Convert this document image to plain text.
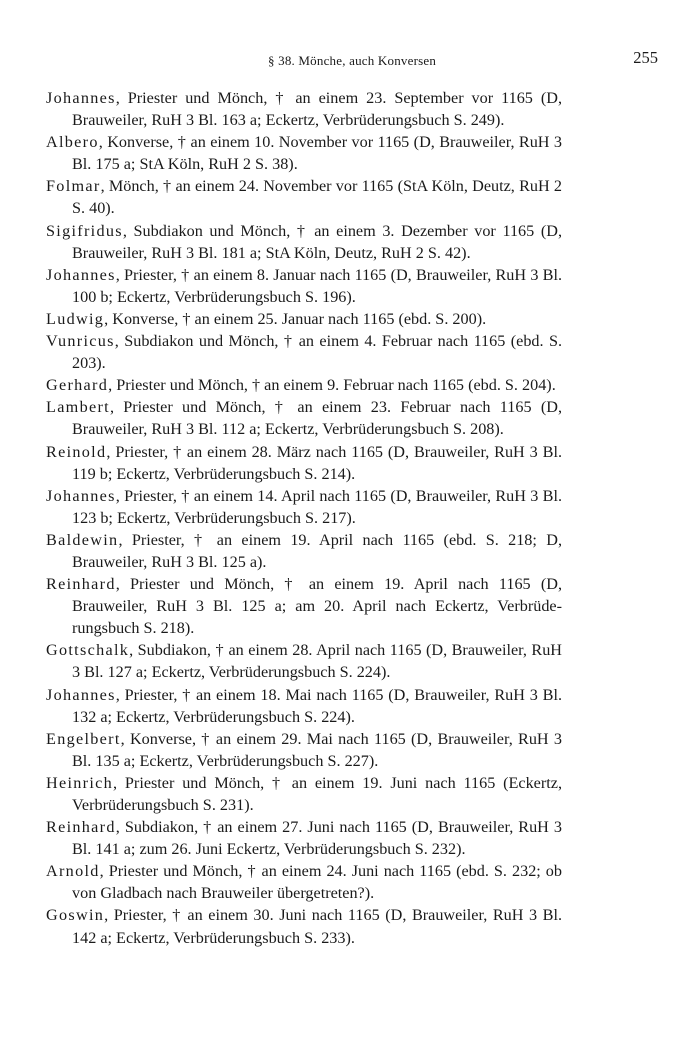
§ 38. Mönche, auch Konversen	255
Johannes, Priester und Mönch, † an einem 23. September vor 1165 (D, Brauweiler, RuH 3 Bl. 163 a; Eckertz, Verbrüderungsbuch S. 249).
Albero, Konverse, † an einem 10. November vor 1165 (D, Brauweiler, RuH 3 Bl. 175 a; StA Köln, RuH 2 S. 38).
Folmar, Mönch, † an einem 24. November vor 1165 (StA Köln, Deutz, RuH 2 S. 40).
Sigifridus, Subdiakon und Mönch, † an einem 3. Dezember vor 1165 (D, Brauweiler, RuH 3 Bl. 181 a; StA Köln, Deutz, RuH 2 S. 42).
Johannes, Priester, † an einem 8. Januar nach 1165 (D, Brauweiler, RuH 3 Bl. 100 b; Eckertz, Verbrüderungsbuch S. 196).
Ludwig, Konverse, † an einem 25. Januar nach 1165 (ebd. S. 200).
Vunricus, Subdiakon und Mönch, † an einem 4. Februar nach 1165 (ebd. S. 203).
Gerhard, Priester und Mönch, † an einem 9. Februar nach 1165 (ebd. S. 204).
Lambert, Priester und Mönch, † an einem 23. Februar nach 1165 (D, Brauweiler, RuH 3 Bl. 112 a; Eckertz, Verbrüderungsbuch S. 208).
Reinold, Priester, † an einem 28. März nach 1165 (D, Brauweiler, RuH 3 Bl. 119 b; Eckertz, Verbrüderungsbuch S. 214).
Johannes, Priester, † an einem 14. April nach 1165 (D, Brauweiler, RuH 3 Bl. 123 b; Eckertz, Verbrüderungsbuch S. 217).
Baldewin, Priester, † an einem 19. April nach 1165 (ebd. S. 218; D, Brauweiler, RuH 3 Bl. 125 a).
Reinhard, Priester und Mönch, † an einem 19. April nach 1165 (D, Brauweiler, RuH 3 Bl. 125 a; am 20. April nach Eckertz, Verbrüderungsbuch S. 218).
Gottschalk, Subdiakon, † an einem 28. April nach 1165 (D, Brauweiler, RuH 3 Bl. 127 a; Eckertz, Verbrüderungsbuch S. 224).
Johannes, Priester, † an einem 18. Mai nach 1165 (D, Brauweiler, RuH 3 Bl. 132 a; Eckertz, Verbrüderungsbuch S. 224).
Engelbert, Konverse, † an einem 29. Mai nach 1165 (D, Brauweiler, RuH 3 Bl. 135 a; Eckertz, Verbrüderungsbuch S. 227).
Heinrich, Priester und Mönch, † an einem 19. Juni nach 1165 (Eckertz, Verbrüderungsbuch S. 231).
Reinhard, Subdiakon, † an einem 27. Juni nach 1165 (D, Brauweiler, RuH 3 Bl. 141 a; zum 26. Juni Eckertz, Verbrüderungsbuch S. 232).
Arnold, Priester und Mönch, † an einem 24. Juni nach 1165 (ebd. S. 232; ob von Gladbach nach Brauweiler übergetreten?).
Goswin, Priester, † an einem 30. Juni nach 1165 (D, Brauweiler, RuH 3 Bl. 142 a; Eckertz, Verbrüderungsbuch S. 233).
